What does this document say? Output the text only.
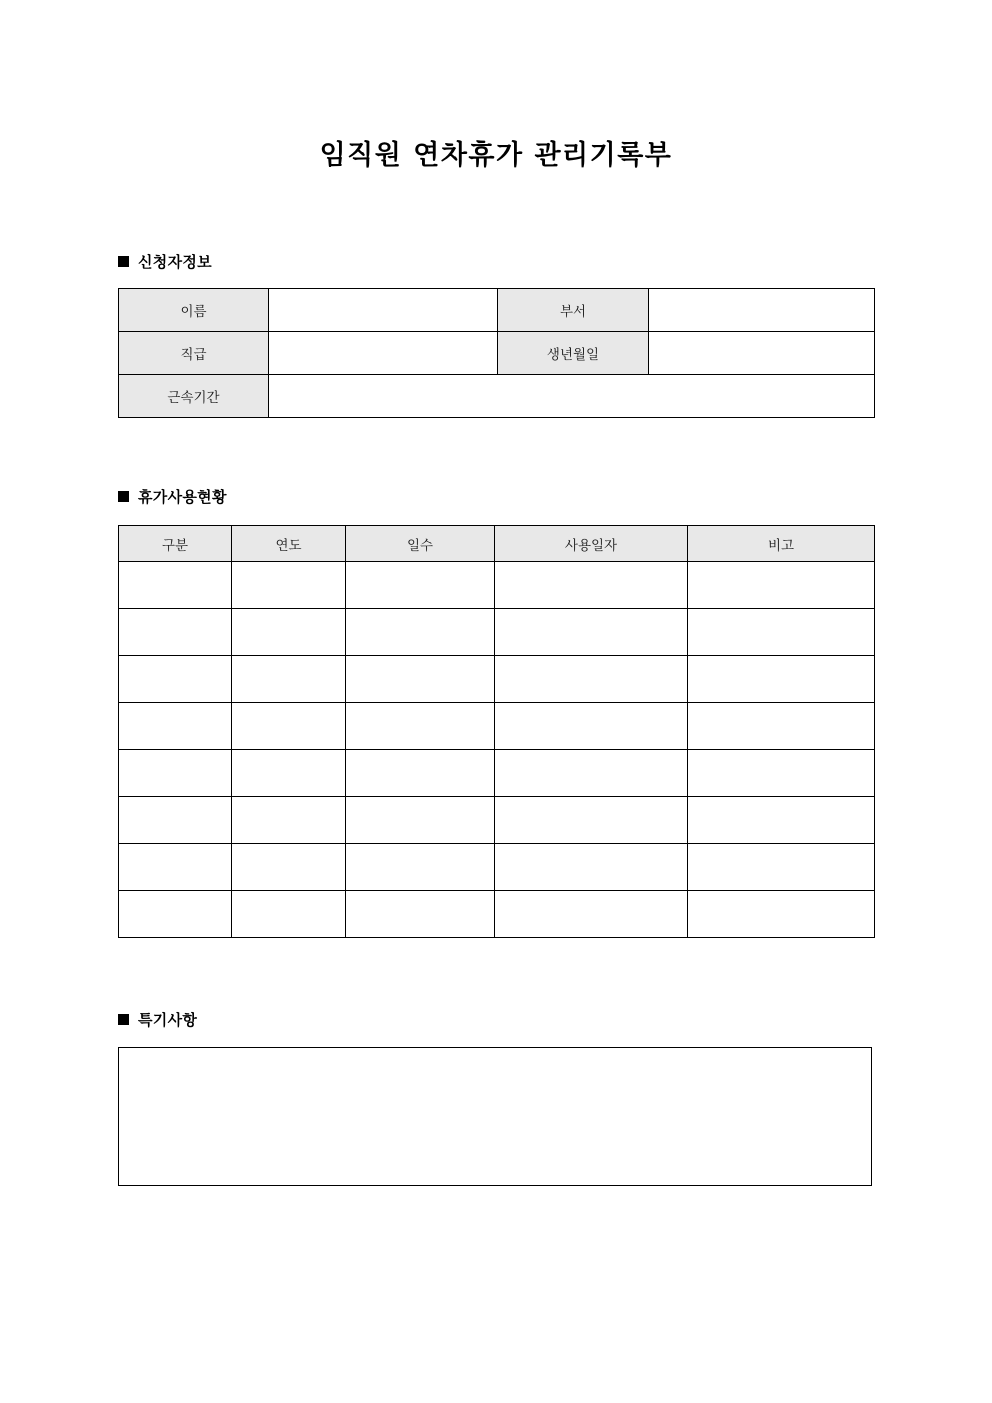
임직원 연차휴가 관리기록부
신청자정보
이름		부서	
직급		생년월일	
근속기간			
휴가사용현황
구분	연도	일수	사용일자	비고

특기사항
